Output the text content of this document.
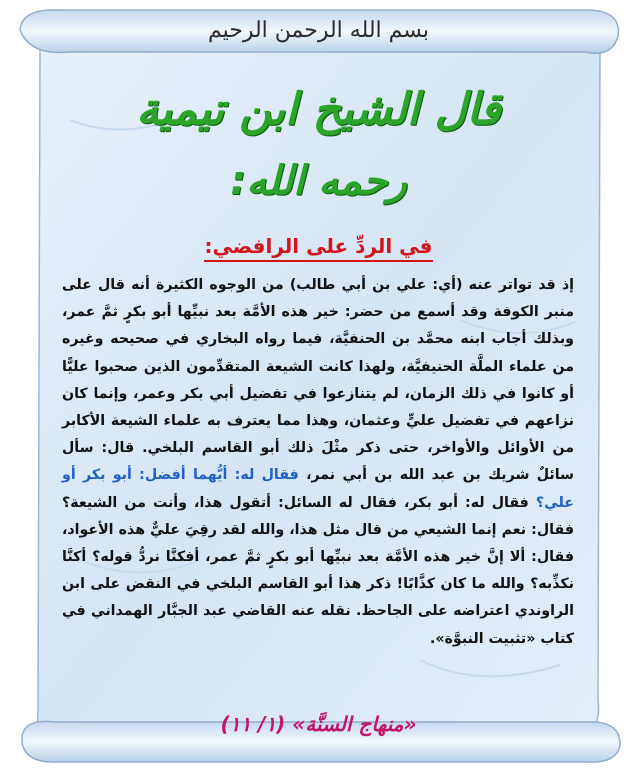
بسم الله الرحمن الرحيم
قال الشيخ ابن تيمية
رحمه الله:
في الردِّ على الرافضي:
إذ قد تواتر عنه (أي: علي بن أبي طالب) من الوجوه الكثيرة أنه قال على منبر الكوفة وقد أسمع من حضر: خير هذه الأمَّة بعد نبيِّها أبو بكرٍ ثمَّ عمر، وبذلك أجاب ابنه محمَّد بن الحنفيَّة، فيما رواه البخاري في صحيحه وغيره من علماء الملَّة الحنيفيَّة، ولهذا كانت الشيعة المتقدِّمون الذين صحبوا عليًّا أو كانوا في ذلك الزمان، لم يتنازعوا في تفضيل أبي بكر وعمر، وإنما كان نزاعهم في تفضيل عليٍّ وعثمان، وهذا مما يعترف به علماء الشيعة الأكابر من الأوائل والأواخر، حتى ذكر مثْلَ ذلك أبو القاسم البلخي. قال: سأل سائلٌ شريك بن عبد الله بن أبي نمر، فقال له: أيُّهما أفضل: أبو بكر أو علي؟ فقال له: أبو بكر، فقال له السائل: أتقول هذا، وأنت من الشيعة؟ فقال: نعم إنما الشيعي من قال مثل هذا، والله لقد رقِيَ عليٌّ هذه الأعواد، فقال: ألا إنَّ خير هذه الأمَّة بعد نبيِّها أبو بكرٍ ثمَّ عمر، أفكنَّا نردُّ قوله؟ أكنَّا نكذِّبه؟ والله ما كان كذَّابًا! ذكر هذا أبو القاسم البلخي في النقض على ابن الراوندي اعتراضه على الجاحظ. نقله عنه القاضي عبد الجبَّار الهمداني في كتاب «تثبيت النبوَّة».
«منهاج السنَّة» (١/ ١١)
